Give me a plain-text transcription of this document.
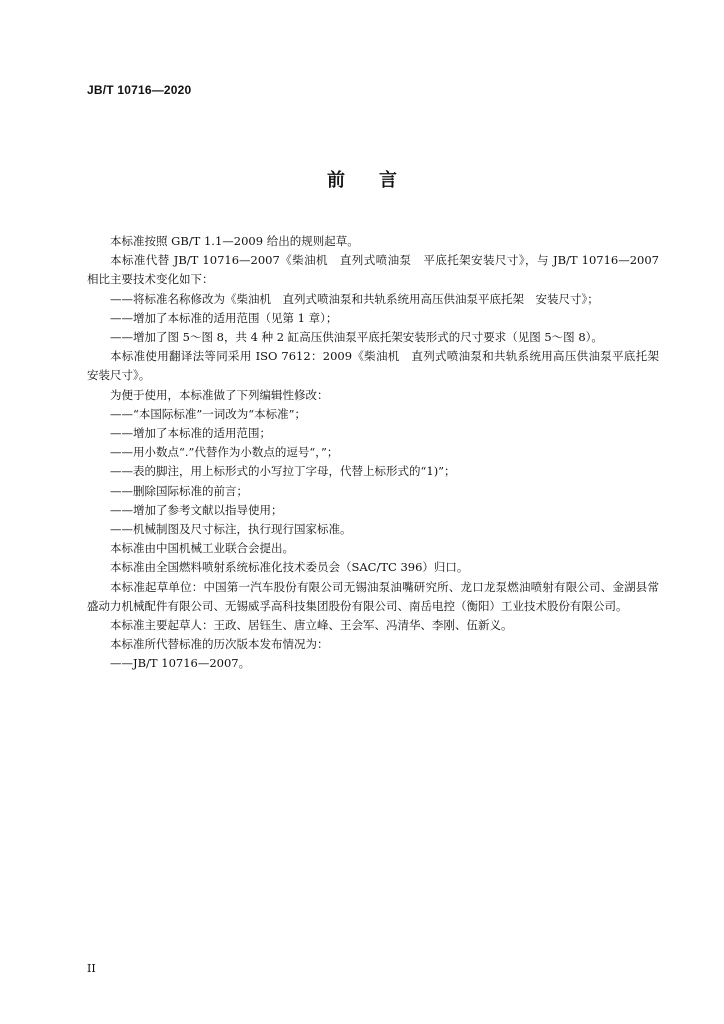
JB/T 10716—2020
前 言

本标准按照 GB/T 1.1—2009 给出的规则起草。

本标准代替 JB/T 10716—2007《柴油机　直列式喷油泵　平底托架安装尺寸》，与 JB/T 10716—2007 相比主要技术变化如下：

——将标准名称修改为《柴油机　直列式喷油泵和共轨系统用高压供油泵平底托架　安装尺寸》；

——增加了本标准的适用范围（见第 1 章）；

——增加了图 5～图 8，共 4 种 2 缸高压供油泵平底托架安装形式的尺寸要求（见图 5～图 8）。

本标准使用翻译法等同采用 ISO 7612：2009《柴油机　直列式喷油泵和共轨系统用高压供油泵平底托架　安装尺寸》。

为便于使用，本标准做了下列编辑性修改：

——“本国际标准”一词改为“本标准”；

——增加了本标准的适用范围；

——用小数点“.”代替作为小数点的逗号“，”；

——表的脚注，用上标形式的小写拉丁字母，代替上标形式的“1)”；

——删除国际标准的前言；

——增加了参考文献以指导使用；

——机械制图及尺寸标注，执行现行国家标准。

本标准由中国机械工业联合会提出。

本标准由全国燃料喷射系统标准化技术委员会（SAC/TC 396）归口。

本标准起草单位：中国第一汽车股份有限公司无锡油泵油嘴研究所、龙口龙泵燃油喷射有限公司、金湖县常盛动力机械配件有限公司、无锡威孚高科技集团股份有限公司、南岳电控（衡阳）工业技术股份有限公司。

本标准主要起草人：王政、居钰生、唐立峰、王会军、冯清华、李刚、伍新义。

本标准所代替标准的历次版本发布情况为：

——JB/T 10716—2007。

II
